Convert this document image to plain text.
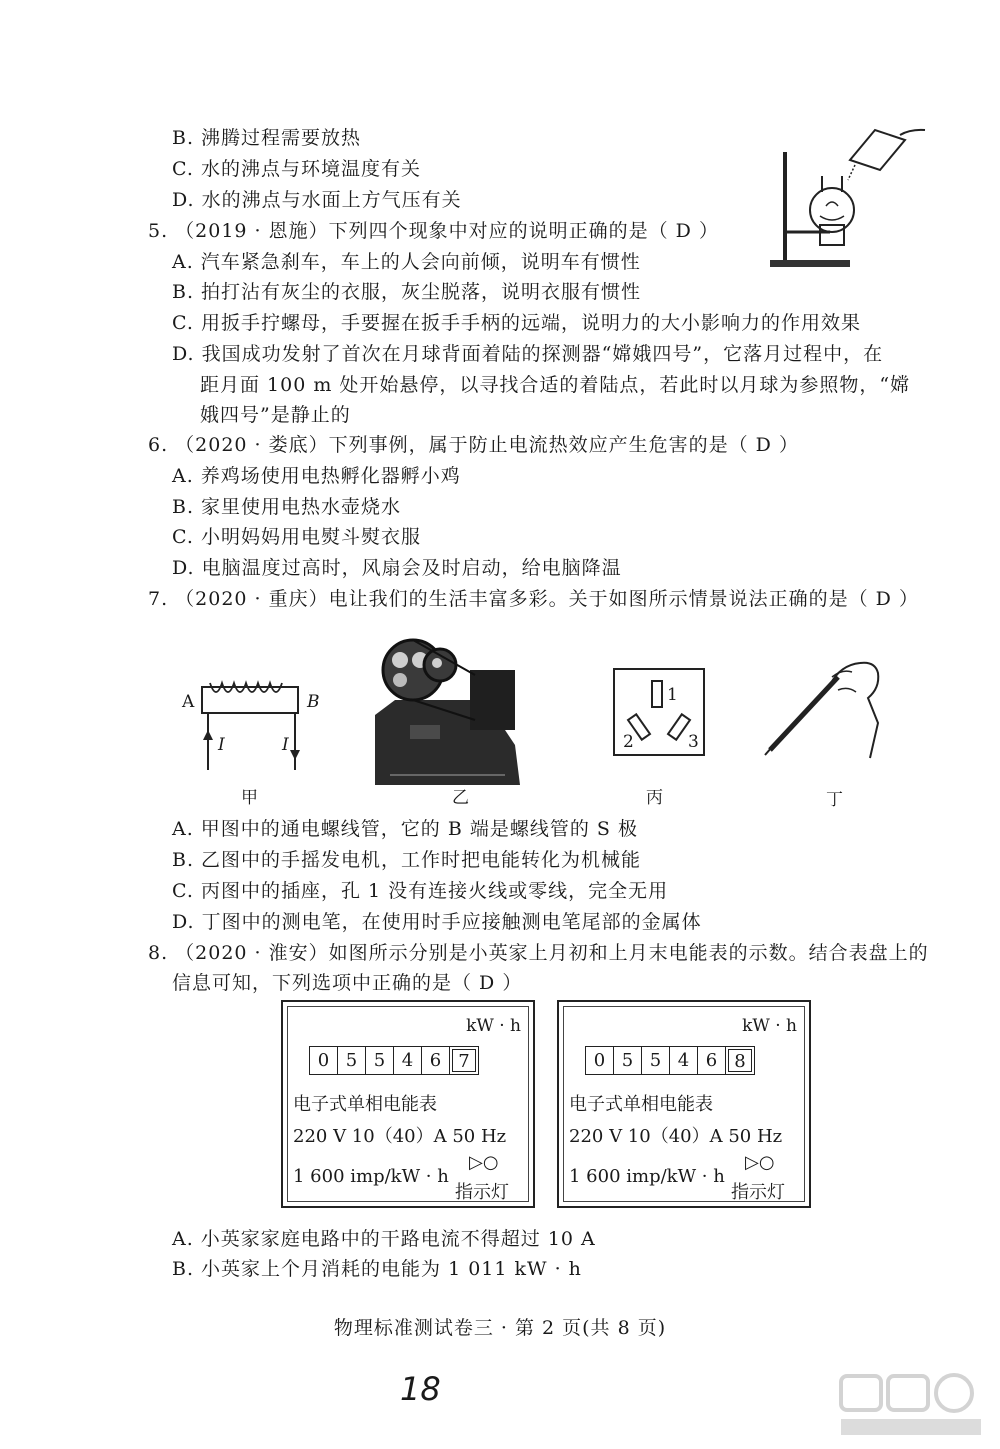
B. 沸腾过程需要放热
C. 水的沸点与环境温度有关
D. 水的沸点与水面上方气压有关
5. （2019 · 恩施）下列四个现象中对应的说明正确的是（ D ）
A. 汽车紧急刹车，车上的人会向前倾，说明车有惯性
B. 拍打沾有灰尘的衣服，灰尘脱落，说明衣服有惯性
C. 用扳手拧螺母，手要握在扳手手柄的远端，说明力的大小影响力的作用效果
D. 我国成功发射了首次在月球背面着陆的探测器“嫦娥四号”，它落月过程中，在
距月面 100 m 处开始悬停，以寻找合适的着陆点，若此时以月球为参照物，“嫦
娥四号”是静止的
6. （2020 · 娄底）下列事例，属于防止电流热效应产生危害的是（ D ）
A. 养鸡场使用电热孵化器孵小鸡
B. 家里使用电热水壶烧水
C. 小明妈妈用电熨斗熨衣服
D. 电脑温度过高时，风扇会及时启动，给电脑降温
7. （2020 · 重庆）电让我们的生活丰富多彩。关于如图所示情景说法正确的是（ D ）
A	B
I	I
1
2	3
甲	乙	丙	丁
A. 甲图中的通电螺线管，它的 B 端是螺线管的 S 极
B. 乙图中的手摇发电机，工作时把电能转化为机械能
C. 丙图中的插座，孔 1 没有连接火线或零线，完全无用
D. 丁图中的测电笔，在使用时手应接触测电笔尾部的金属体
8. （2020 · 淮安）如图所示分别是小英家上月初和上月末电能表的示数。结合表盘上的
信息可知，下列选项中正确的是（ D ）
kW · h
0 5 5 4 6 7
电子式单相电能表
220 V 10（40）A 50 Hz
1 600 imp/kW · h
▷○
指示灯
kW · h
0 5 5 4 6 8
电子式单相电能表
220 V 10（40）A 50 Hz
1 600 imp/kW · h
▷○
指示灯
A. 小英家家庭电路中的干路电流不得超过 10 A
B. 小英家上个月消耗的电能为 1 011 kW · h
物理标准测试卷三 · 第 2 页(共 8 页)
18
